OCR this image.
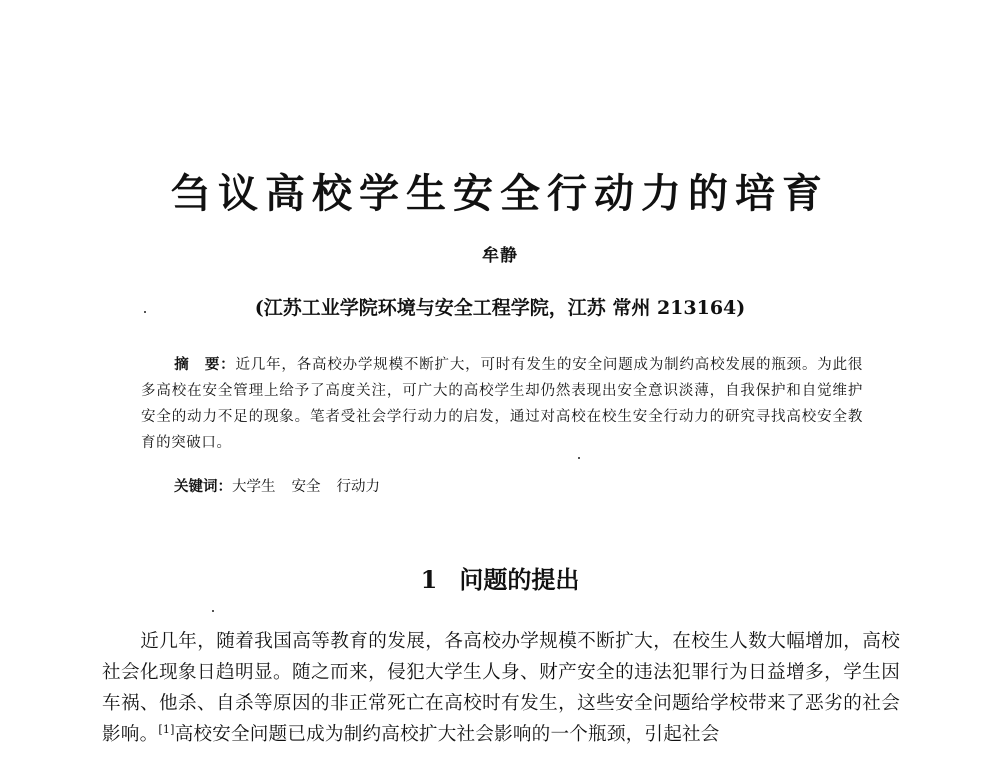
刍议高校学生安全行动力的培育
牟静
(江苏工业学院环境与安全工程学院，江苏 常州 213164)
摘　要：近几年，各高校办学规模不断扩大，可时有发生的安全问题成为制约高校发展的瓶颈。为此很多高校在安全管理上给予了高度关注，可广大的高校学生却仍然表现出安全意识淡薄，自我保护和自觉维护安全的动力不足的现象。笔者受社会学行动力的启发，通过对高校在校生安全行动力的研究寻找高校安全教育的突破口。
关键词：大学生 安全 行动力
1 问题的提出
近几年，随着我国高等教育的发展，各高校办学规模不断扩大，在校生人数大幅增加，高校社会化现象日趋明显。随之而来，侵犯大学生人身、财产安全的违法犯罪行为日益增多，学生因车祸、他杀、自杀等原因的非正常死亡在高校时有发生，这些安全问题给学校带来了恶劣的社会影响。[1]高校安全问题已成为制约高校扩大社会影响的一个瓶颈，引起社会
